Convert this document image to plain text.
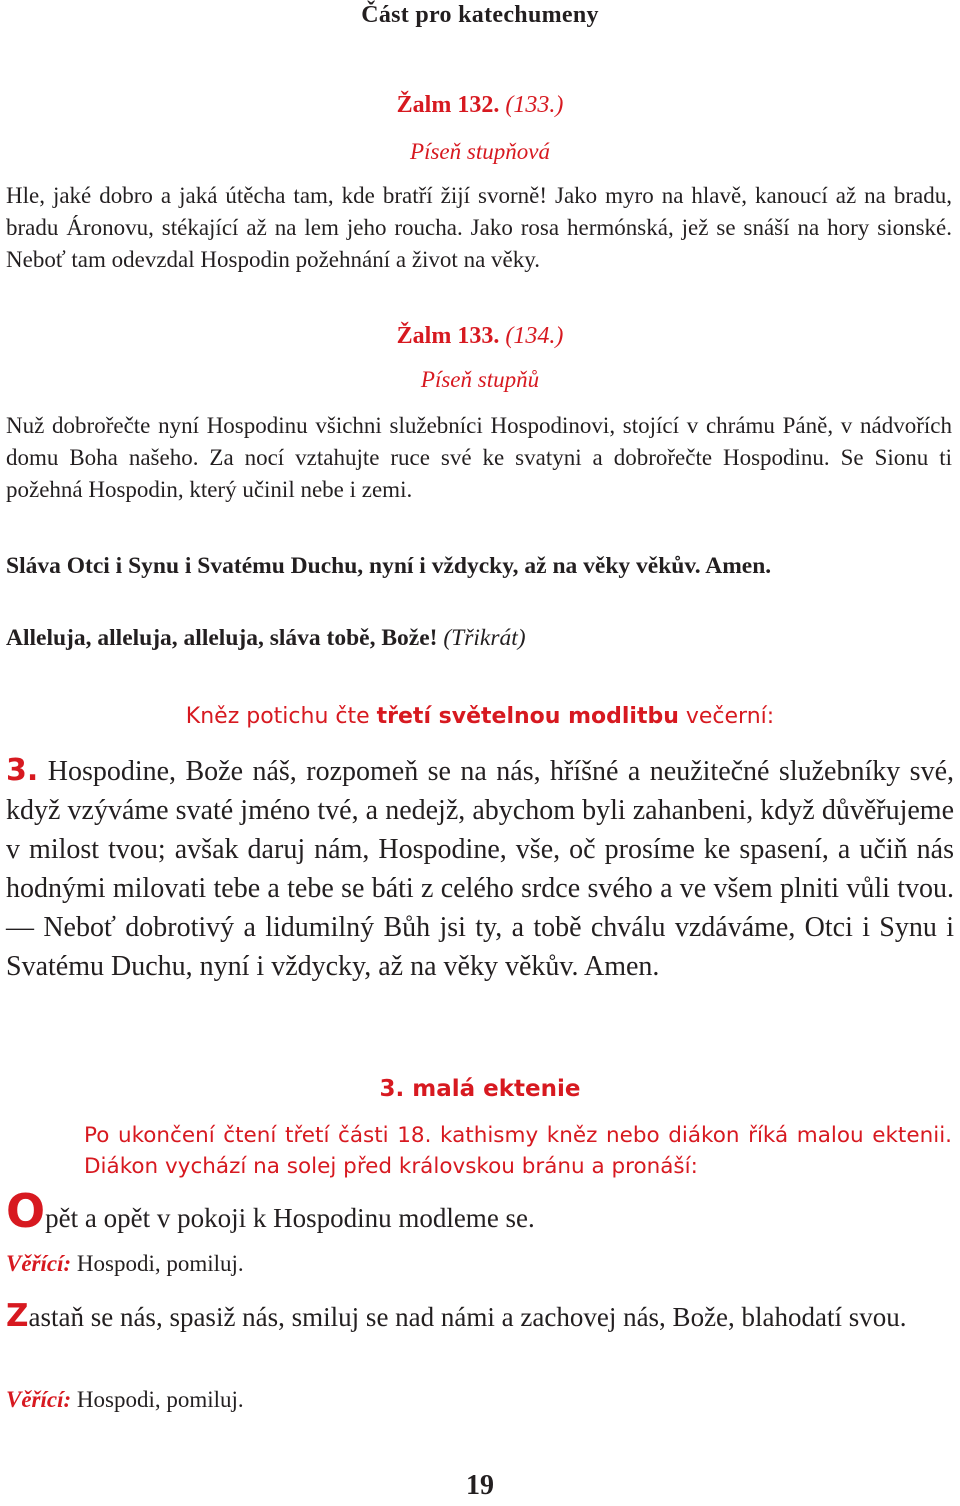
Část pro katechumeny
Žalm 132. (133.)
Píseň stupňová
Hle, jaké dobro a jaká útěcha tam, kde bratří žijí svorně! Jako myro na hlavě, kanoucí až na bradu, bradu Áronovu, stékající až na lem jeho roucha. Jako rosa hermónská, jež se snáší na hory sionské. Neboť tam odevzdal Hospodin požehnání a život na věky.
Žalm 133. (134.)
Píseň stupňů
Nuž dobrořečte nyní Hospodinu všichni služebníci Hospodinovi, stojící v chrámu Páně, v nádvořích domu Boha našeho. Za nocí vztahujte ruce své ke svatyni a dobrořečte Hospodinu. Se Sionu ti požehná Hospodin, který učinil nebe i zemi.
Sláva Otci i Synu i Svatému Duchu, nyní i vždycky, až na věky věkův. Amen.
Alleluja, alleluja, alleluja, sláva tobě, Bože! (Třikrát)
Kněz potichu čte třetí světelnou modlitbu večerní:
3. Hospodine, Bože náš, rozpomeň se na nás, hříšné a neužitečné služebníky své, když vzýváme svaté jméno tvé, a nedejž, abychom byli zahanbeni, když důvěřujeme v milost tvou; avšak daruj nám, Hospodine, vše, oč prosíme ke spasení, a učiň nás hodnými milovati tebe a tebe se báti z celého srdce svého a ve všem plniti vůli tvou. — Neboť dobrotivý a lidumilný Bůh jsi ty, a tobě chválu vzdáváme, Otci i Synu i Svatému Duchu, nyní i vždycky, až na věky věkův. Amen.
3. malá ektenie
Po ukončení čtení třetí části 18. kathismy kněz nebo diákon říká malou ektenii. Diákon vychází na solej před královskou bránu a pronáší:
Opět a opět v pokoji k Hospodinu modleme se.
Věřící: Hospodi, pomiluj.
Zastaň se nás, spasiž nás, smiluj se nad námi a zachovej nás, Bože, blahodatí svou.
Věřící: Hospodi, pomiluj.
19
